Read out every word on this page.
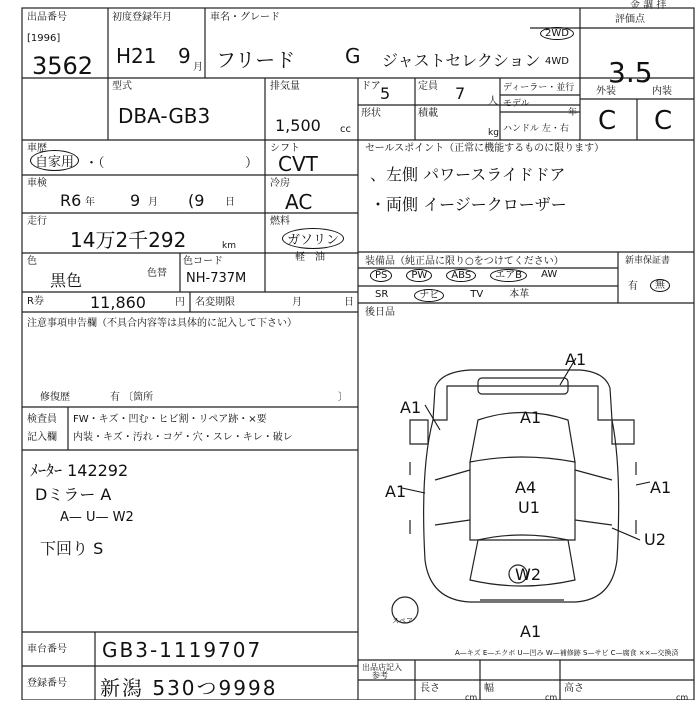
出品番号
[1996]
3562
初度登録年月
H21 9 月
車名・グレード
フリード G ジャストセレクション
2WD
4WD
金 調 拝
評価点
3.5
外装	内装
C C
型式
DBA-GB3
排気量
1,500 cc
ドア 5	定員 7 人
ディーラー・並行
モデル
年
形状	積載
kg ハンドル 左・右
車歴
自家用 ・（	）
シフト
CVT
車検
R6 年 9 月 (9 日
冷房
AC
走行
14万2千292	km
燃料
ガソリン
軽　油
色
黒色	色替
色コード
NH-737M
R券	11,860	円 名変期限	月	日
注意事項申告欄（不具合内容等は具体的に記入して下さい）
修復歴	有 〔箇所	〕
検査員
記入欄
FW・キズ・凹む・ヒビ割・リペア跡・×要
内装・キズ・汚れ・コゲ・穴・スレ・キレ・破レ
ﾒｰﾀｰ 142292
Dミラー A
A— U— W2
下回り S
セールスポイント（正常に機能するものに限ります）
、左側 パワースライドドア
・両側 イージークローザー
装備品（純正品に限り○をつけてください）
PS	PW	ABS	エアB	AW
SR	ナビ	TV	本革
新車保証書
有	無
後日品
A1
A1
A1
A1	A4
U1
A1
U2
W2
A1
スペア
車台番号 GB3-1119707
登録番号 新潟 530つ9998
A—キズ E—エクボ U—凹み W—補修跡 S—サビ C—腐食 ××—交換済
出品店記入
参考
長さ	幅	高さ
cm	cm	cm
